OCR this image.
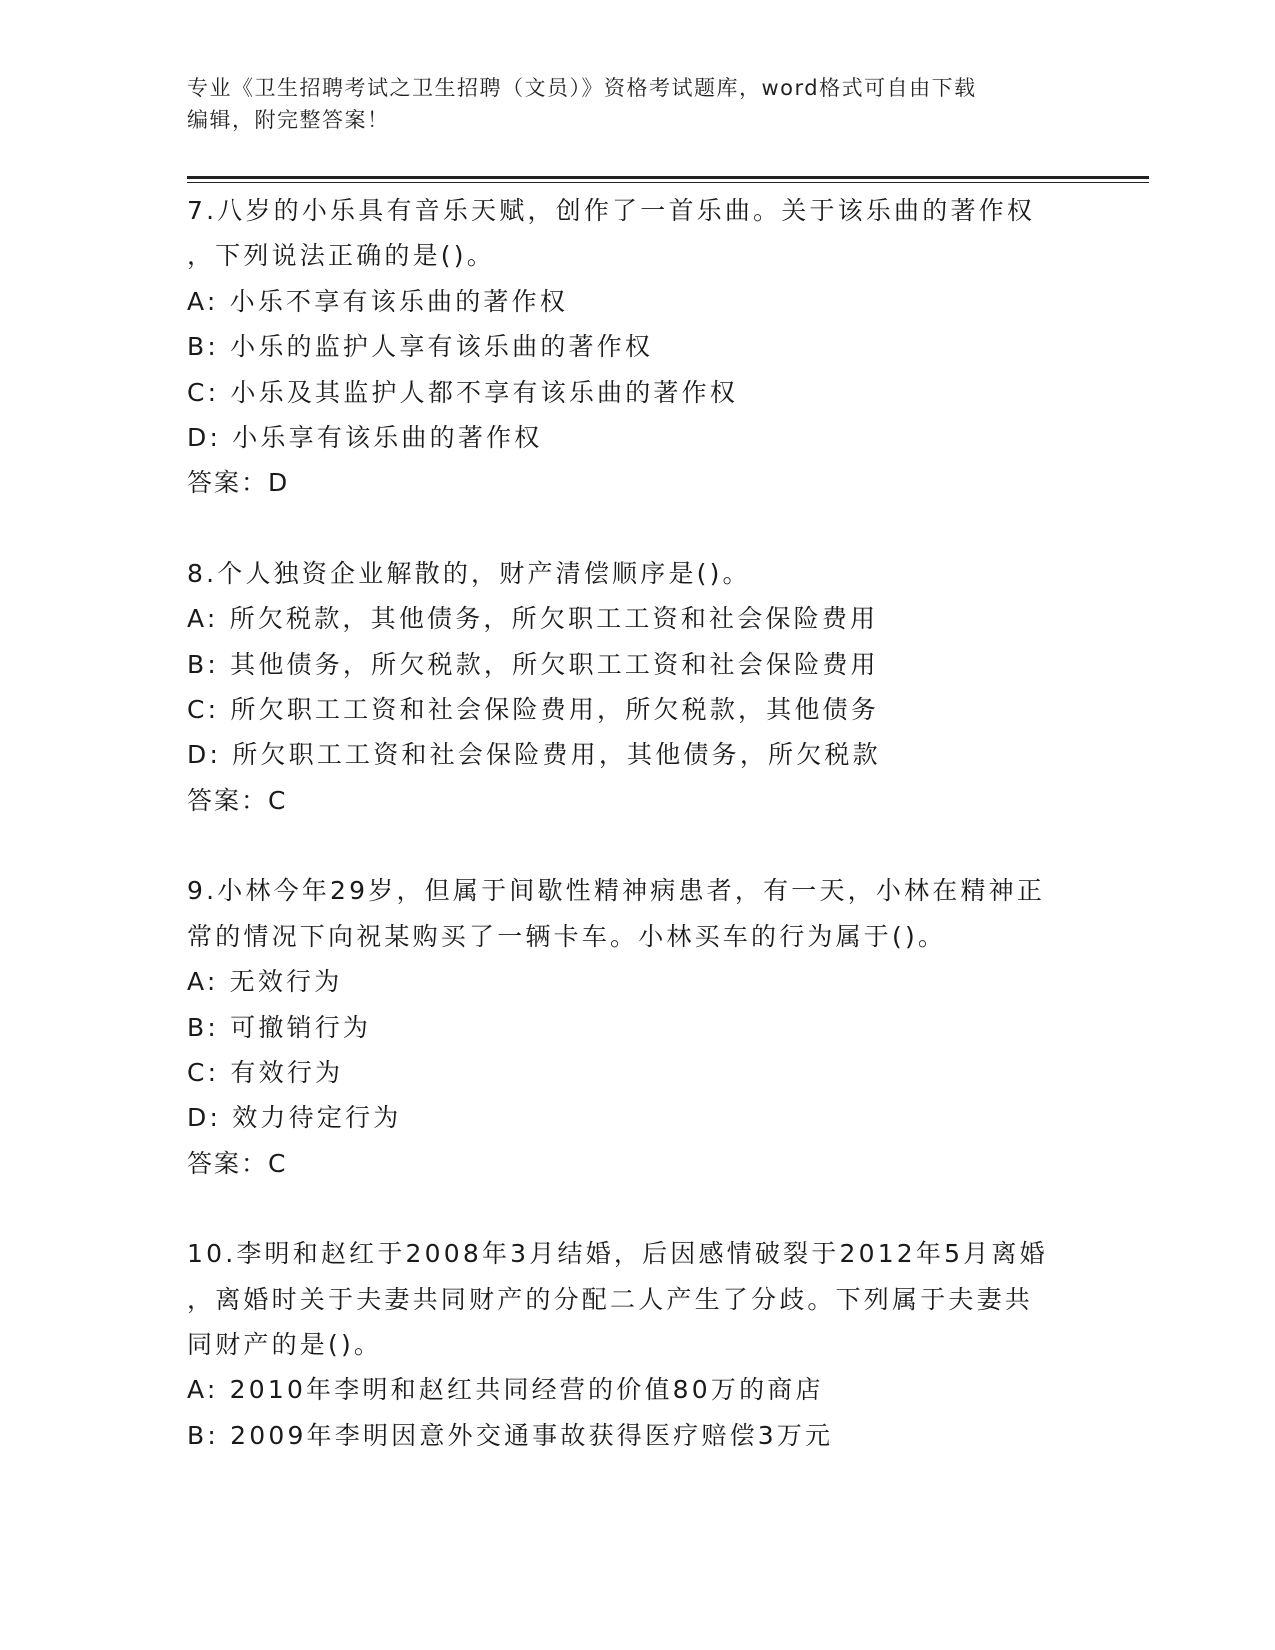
专业《卫生招聘考试之卫生招聘（文员）》资格考试题库，word格式可自由下载
编辑，附完整答案！
7.八岁的小乐具有音乐天赋，创作了一首乐曲。关于该乐曲的著作权
，下列说法正确的是()。
A: 小乐不享有该乐曲的著作权
B: 小乐的监护人享有该乐曲的著作权
C: 小乐及其监护人都不享有该乐曲的著作权
D: 小乐享有该乐曲的著作权
答案：D
8.个人独资企业解散的，财产清偿顺序是()。
A: 所欠税款，其他债务，所欠职工工资和社会保险费用
B: 其他债务，所欠税款，所欠职工工资和社会保险费用
C: 所欠职工工资和社会保险费用，所欠税款，其他债务
D: 所欠职工工资和社会保险费用，其他债务，所欠税款
答案：C
9.小林今年29岁，但属于间歇性精神病患者，有一天，小林在精神正
常的情况下向祝某购买了一辆卡车。小林买车的行为属于()。
A: 无效行为
B: 可撤销行为
C: 有效行为
D: 效力待定行为
答案：C
10.李明和赵红于2008年3月结婚，后因感情破裂于2012年5月离婚
，离婚时关于夫妻共同财产的分配二人产生了分歧。下列属于夫妻共
同财产的是()。
A: 2010年李明和赵红共同经营的价值80万的商店
B: 2009年李明因意外交通事故获得医疗赔偿3万元
